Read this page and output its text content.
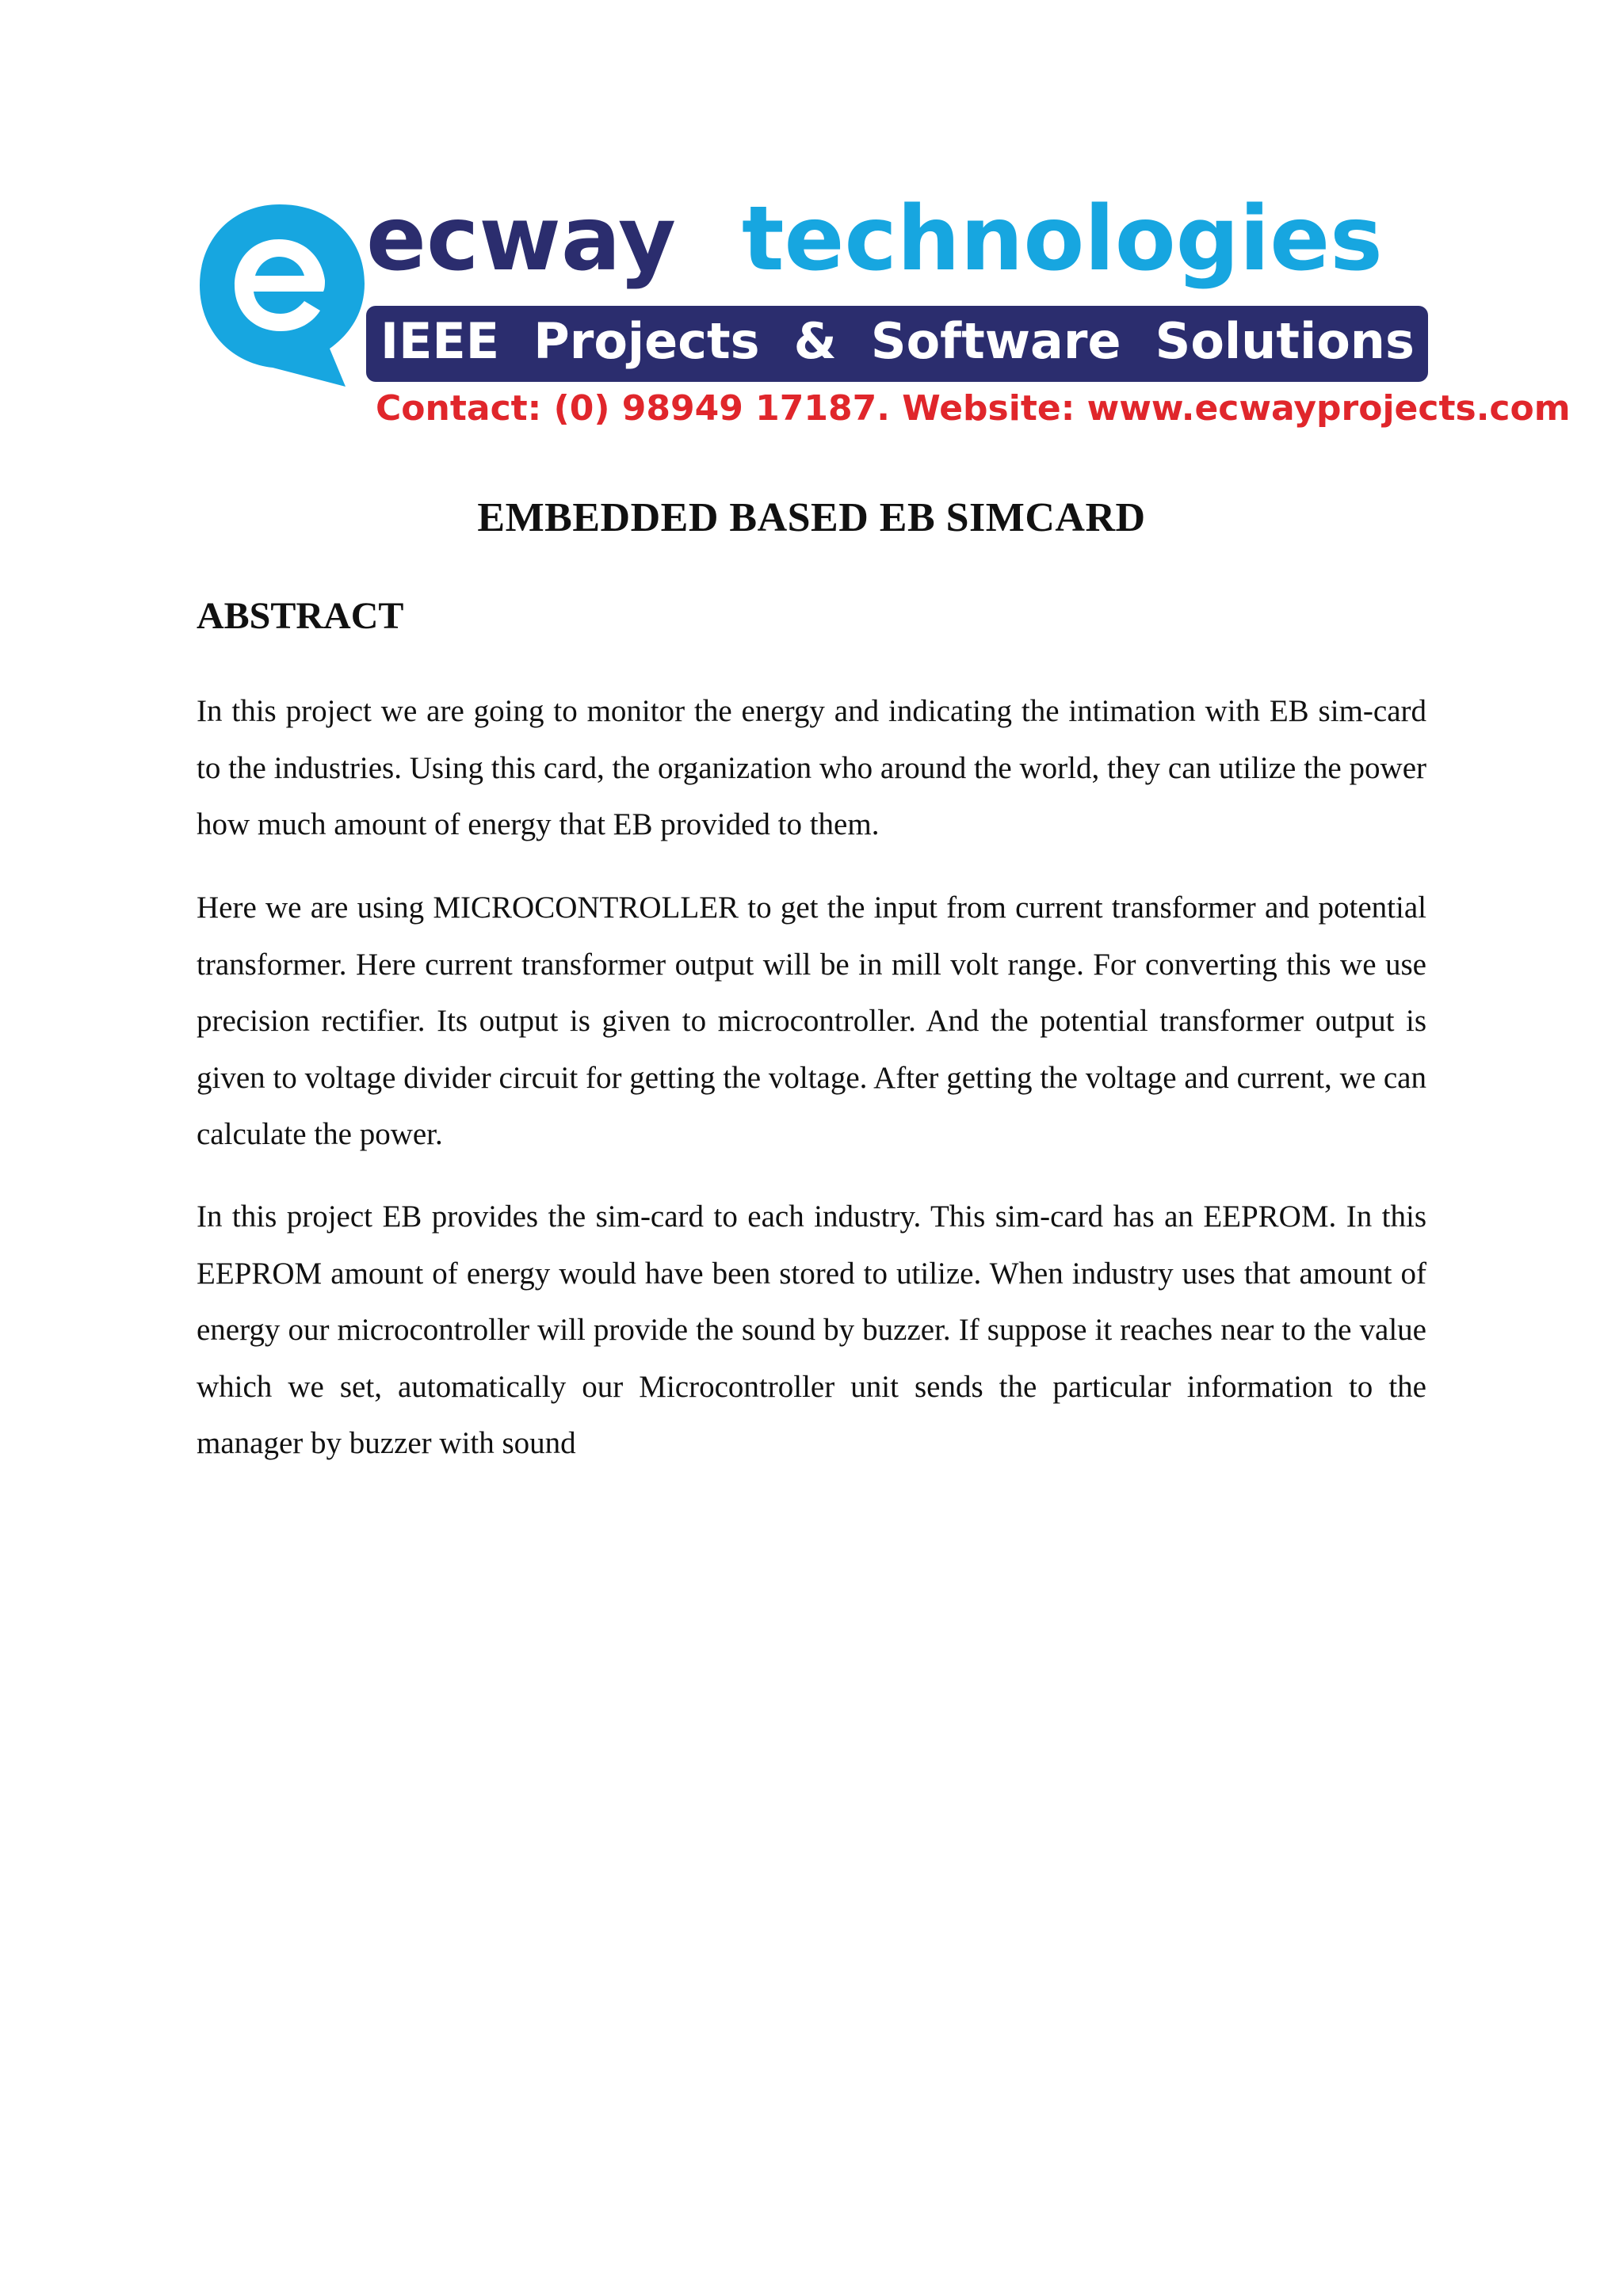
ecway technologies
IEEE  Projects  &  Software  Solutions
Contact: (0) 98949 17187. Website: www.ecwayprojects.com
EMBEDDED BASED EB SIMCARD
ABSTRACT

In this project we are going to monitor the energy and indicating the intimation with EB sim-card to the industries. Using this card, the organization who around the world, they can utilize the power how much amount of energy that EB provided to them.

Here we are using MICROCONTROLLER to get the input from current transformer and potential transformer. Here current transformer output will be in mill volt range. For converting this we use precision rectifier. Its output is given to microcontroller. And the potential transformer output is given to voltage divider circuit for getting the voltage. After getting the voltage and current, we can calculate the power.

In this project EB provides the sim-card to each industry. This sim-card has an EEPROM. In this EEPROM amount of energy would have been stored to utilize. When industry uses that amount of energy our microcontroller will provide the sound by buzzer. If suppose it reaches near to the value which we set, automatically our Microcontroller unit sends the particular information to the manager by buzzer with sound
